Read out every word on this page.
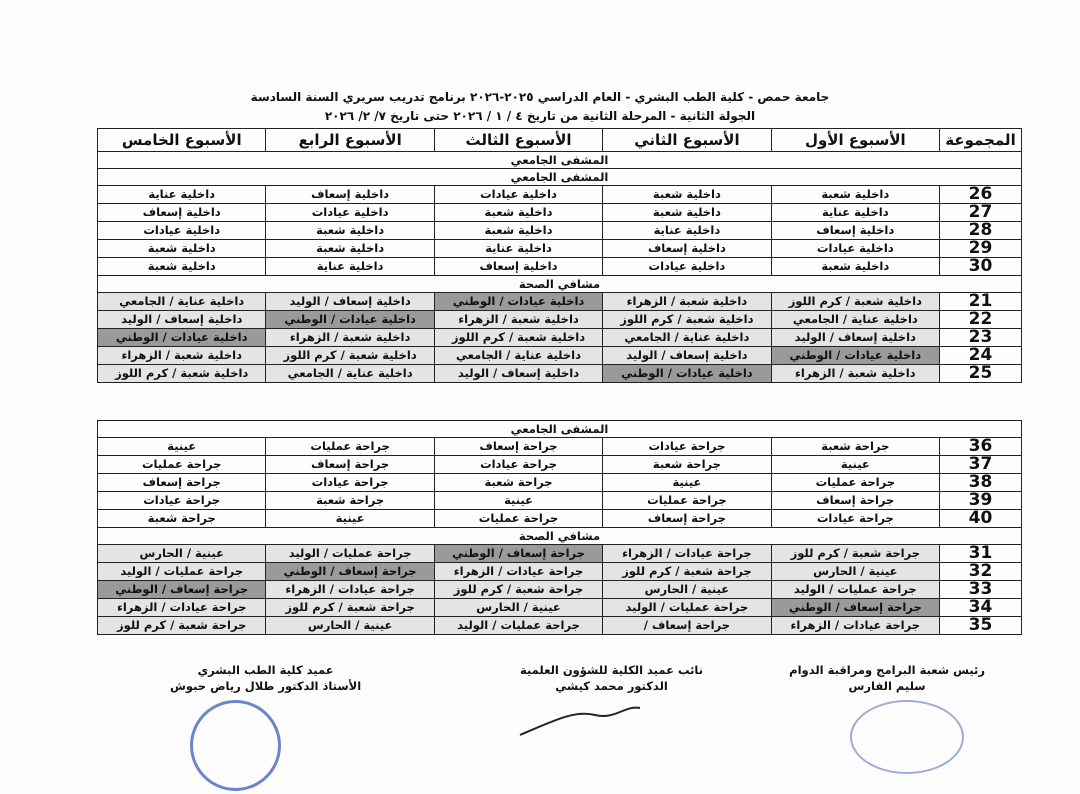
جامعة حمص - كلية الطب البشري - العام الدراسي ٢٠٢٥-٢٠٢٦ برنامج تدريب سريري السنة السادسة
الجولة الثانية - المرحلة الثانية من تاريخ ٤ / ١ / ٢٠٢٦ حتى تاريخ ٧/ ٢/ ٢٠٢٦
المجموعة	الأسبوع الأول	الأسبوع الثاني	الأسبوع الثالث	الأسبوع الرابع	الأسبوع الخامس
المشفى الجامعي					
المشفى الجامعي					
26	داخلية شعبة	داخلية شعبة	داخلية عيادات	داخلية إسعاف	داخلية عناية
27	داخلية عناية	داخلية شعبة	داخلية شعبة	داخلية عيادات	داخلية إسعاف
28	داخلية إسعاف	داخلية عناية	داخلية شعبة	داخلية شعبة	داخلية عيادات
29	داخلية عيادات	داخلية إسعاف	داخلية عناية	داخلية شعبة	داخلية شعبة
30	داخلية شعبة	داخلية عيادات	داخلية إسعاف	داخلية عناية	داخلية شعبة
مشافي الصحة					
21	داخلية شعبة / كرم اللوز	داخلية شعبة / الزهراء	داخلية عيادات / الوطني	داخلية إسعاف / الوليد	داخلية عناية / الجامعي
22	داخلية عناية / الجامعي	داخلية شعبة / كرم اللوز	داخلية شعبة / الزهراء	داخلية عيادات / الوطني	داخلية إسعاف / الوليد
23	داخلية إسعاف / الوليد	داخلية عناية / الجامعي	داخلية شعبة / كرم اللوز	داخلية شعبة / الزهراء	داخلية عيادات / الوطني
24	داخلية عيادات / الوطني	داخلية إسعاف / الوليد	داخلية عناية / الجامعي	داخلية شعبة / كرم اللوز	داخلية شعبة / الزهراء
25	داخلية شعبة / الزهراء	داخلية عيادات / الوطني	داخلية إسعاف / الوليد	داخلية عناية / الجامعي	داخلية شعبة / كرم اللوز
المشفى الجامعي					
36	جراحة شعبة	جراحة عيادات	جراحة إسعاف	جراحة عمليات	عينية
37	عينية	جراحة شعبة	جراحة عيادات	جراحة إسعاف	جراحة عمليات
38	جراحة عمليات	عينية	جراحة شعبة	جراحة عيادات	جراحة إسعاف
39	جراحة إسعاف	جراحة عمليات	عينية	جراحة شعبة	جراحة عيادات
40	جراحة عيادات	جراحة إسعاف	جراحة عمليات	عينية	جراحة شعبة
مشافي الصحة					
31	جراحة شعبة / كرم للوز	جراحة عيادات / الزهراء	جراحة إسعاف / الوطني	جراحة عمليات / الوليد	عينية / الحارس
32	عينية / الحارس	جراحة شعبة / كرم للوز	جراحة عيادات / الزهراء	جراحة إسعاف / الوطني	جراحة عمليات / الوليد
33	جراحة عمليات / الوليد	عينية / الحارس	جراحة شعبة / كرم للوز	جراحة عيادات / الزهراء	جراحة إسعاف / الوطني
34	جراحة إسعاف / الوطني	جراحة عمليات / الوليد	عينية / الحارس	جراحة شعبة / كرم للوز	جراحة عيادات / الزهراء
35	جراحة عيادات / الزهراء	جراحة إسعاف /	جراحة عمليات / الوليد	عينية / الحارس	جراحة شعبة / كرم للوز
رئيس شعبة البرامج ومراقبة الدوام
سليم الفارس
نائب عميد الكلية للشؤون العلمية
الدكتور محمد كيشي
عميد كلية الطب البشري
الأستاذ الدكتور طلال رياض حبوش
